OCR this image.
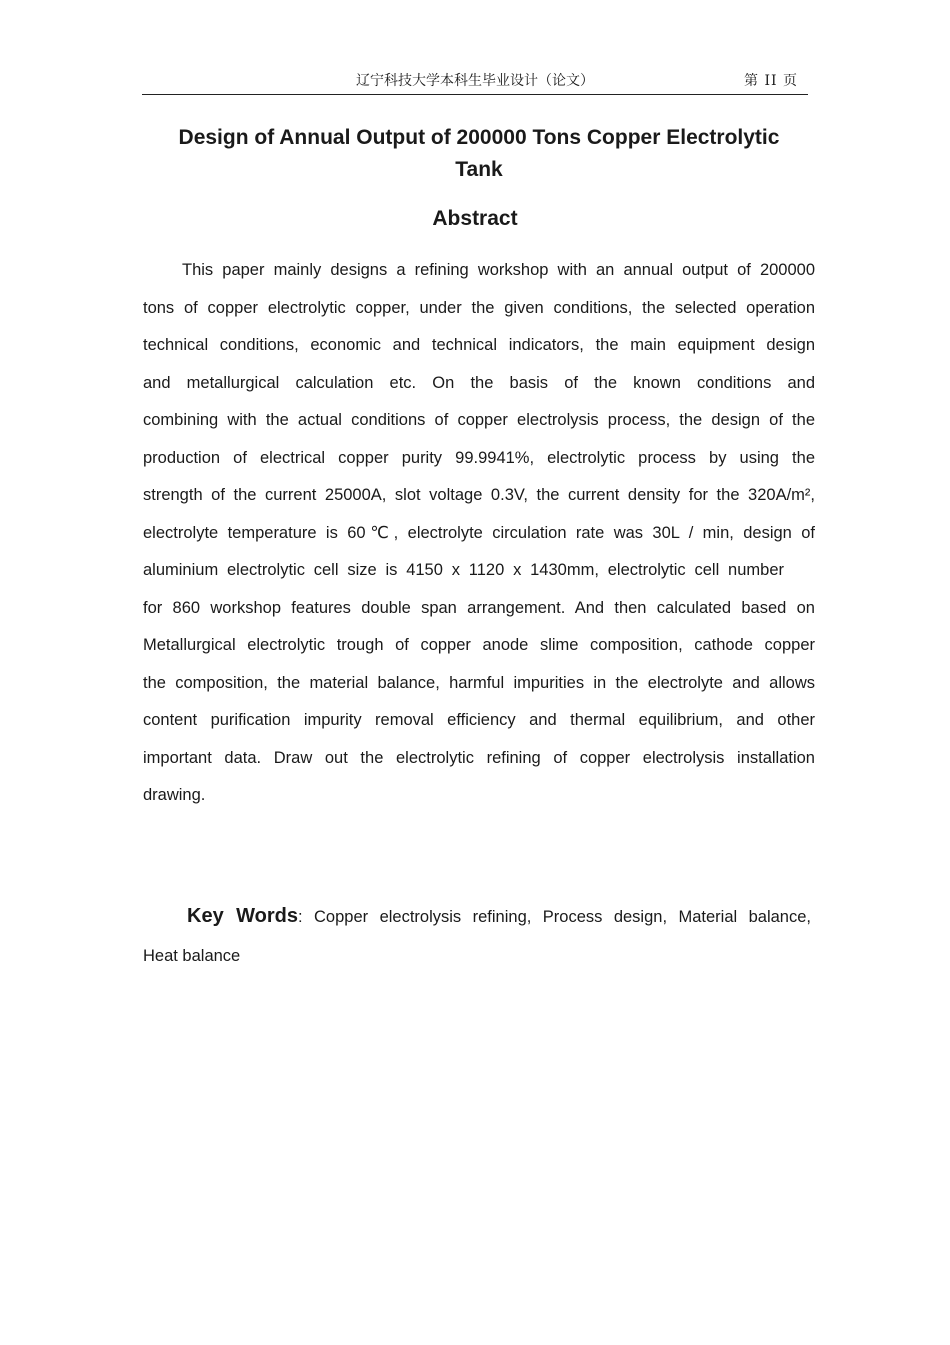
辽宁科技大学本科生毕业设计（论文）	第 II 页
Design of Annual Output of 200000 Tons Copper Electrolytic
Tank
Abstract
This paper mainly designs a refining workshop with an annual output of 200000
tons of copper electrolytic copper, under the given conditions, the selected operation
technical conditions, economic and technical indicators, the main equipment design
and metallurgical calculation etc. On the basis of the known conditions and
combining with the actual conditions of copper electrolysis process, the design of the
production of electrical copper purity 99.9941%, electrolytic process by using the
strength of the current 25000A, slot voltage 0.3V, the current density for the 320A/m²,
electrolyte temperature is 60℃, electrolyte circulation rate was 30L / min, design of
aluminium electrolytic cell size is 4150 x 1120 x 1430mm, electrolytic cell number
for 860 workshop features double span arrangement. And then calculated based on
Metallurgical electrolytic trough of copper anode slime composition, cathode copper
the composition, the material balance, harmful impurities in the electrolyte and allows
content purification impurity removal efficiency and thermal equilibrium, and other
important data. Draw out the electrolytic refining of copper electrolysis installation
drawing.
Key Words: Copper electrolysis refining, Process design, Material balance,
Heat balance
